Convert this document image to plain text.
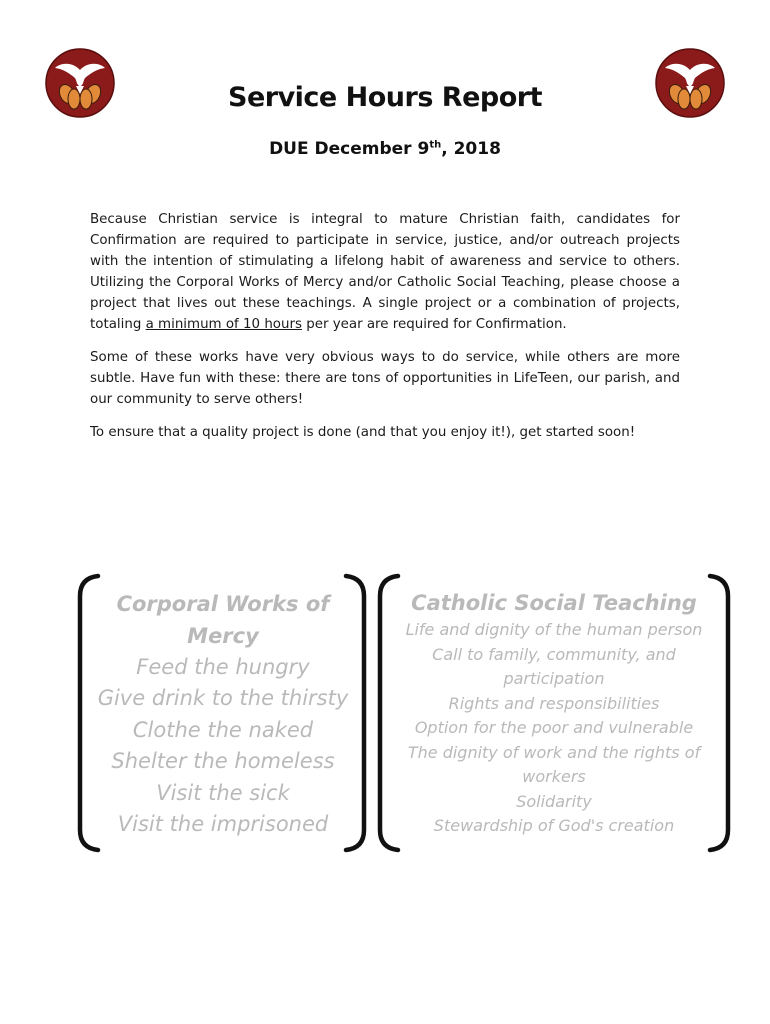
Service Hours Report
DUE December 9th, 2018

Because Christian service is integral to mature Christian faith, candidates for Confirmation are required to participate in service, justice, and/or outreach projects with the intention of stimulating a lifelong habit of awareness and service to others. Utilizing the Corporal Works of Mercy and/or Catholic Social Teaching, please choose a project that lives out these teachings. A single project or a combination of projects, totaling a minimum of 10 hours per year are required for Confirmation.

Some of these works have very obvious ways to do service, while others are more subtle. Have fun with these: there are tons of opportunities in LifeTeen, our parish, and our community to serve others!

To ensure that a quality project is done (and that you enjoy it!), get started soon!

Corporal Works of Mercy
Feed the hungry
Give drink to the thirsty
Clothe the naked
Shelter the homeless
Visit the sick
Visit the imprisoned
Catholic Social Teaching
Life and dignity of the human person
Call to family, community, and participation
Rights and responsibilities
Option for the poor and vulnerable
The dignity of work and the rights of workers
Solidarity
Stewardship of God's creation
